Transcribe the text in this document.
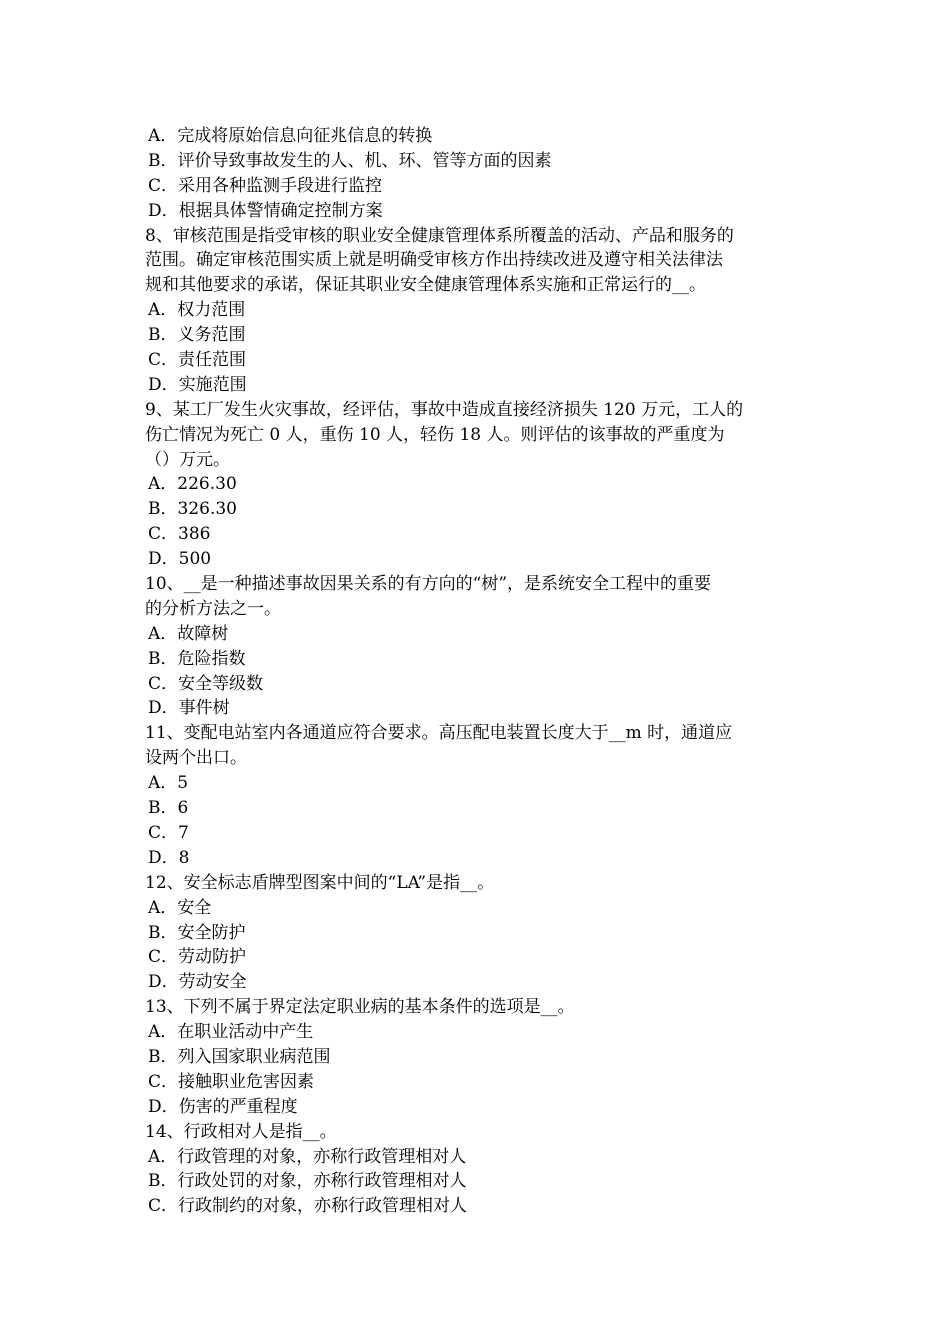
A．完成将原始信息向征兆信息的转换
B．评价导致事故发生的人、机、环、管等方面的因素
C．采用各种监测手段进行监控
D．根据具体警情确定控制方案
8、审核范围是指受审核的职业安全健康管理体系所覆盖的活动、产品和服务的
范围。确定审核范围实质上就是明确受审核方作出持续改进及遵守相关法律法
规和其他要求的承诺，保证其职业安全健康管理体系实施和正常运行的__。
A．权力范围
B．义务范围
C．责任范围
D．实施范围
9、某工厂发生火灾事故，经评估，事故中造成直接经济损失 120 万元，工人的
伤亡情况为死亡 0 人，重伤 10 人，轻伤 18 人。则评估的该事故的严重度为
（）万元。
A．226.30
B．326.30
C．386
D．500
10、__是一种描述事故因果关系的有方向的“树”，是系统安全工程中的重要
的分析方法之一。
A．故障树
B．危险指数
C．安全等级数
D．事件树
11、变配电站室内各通道应符合要求。高压配电装置长度大于__m 时，通道应
设两个出口。
A．5
B．6
C．7
D．8
12、安全标志盾牌型图案中间的“LA”是指__。
A．安全
B．安全防护
C．劳动防护
D．劳动安全
13、下列不属于界定法定职业病的基本条件的选项是__。
A．在职业活动中产生
B．列入国家职业病范围
C．接触职业危害因素
D．伤害的严重程度
14、行政相对人是指__。
A．行政管理的对象，亦称行政管理相对人
B．行政处罚的对象，亦称行政管理相对人
C．行政制约的对象，亦称行政管理相对人
